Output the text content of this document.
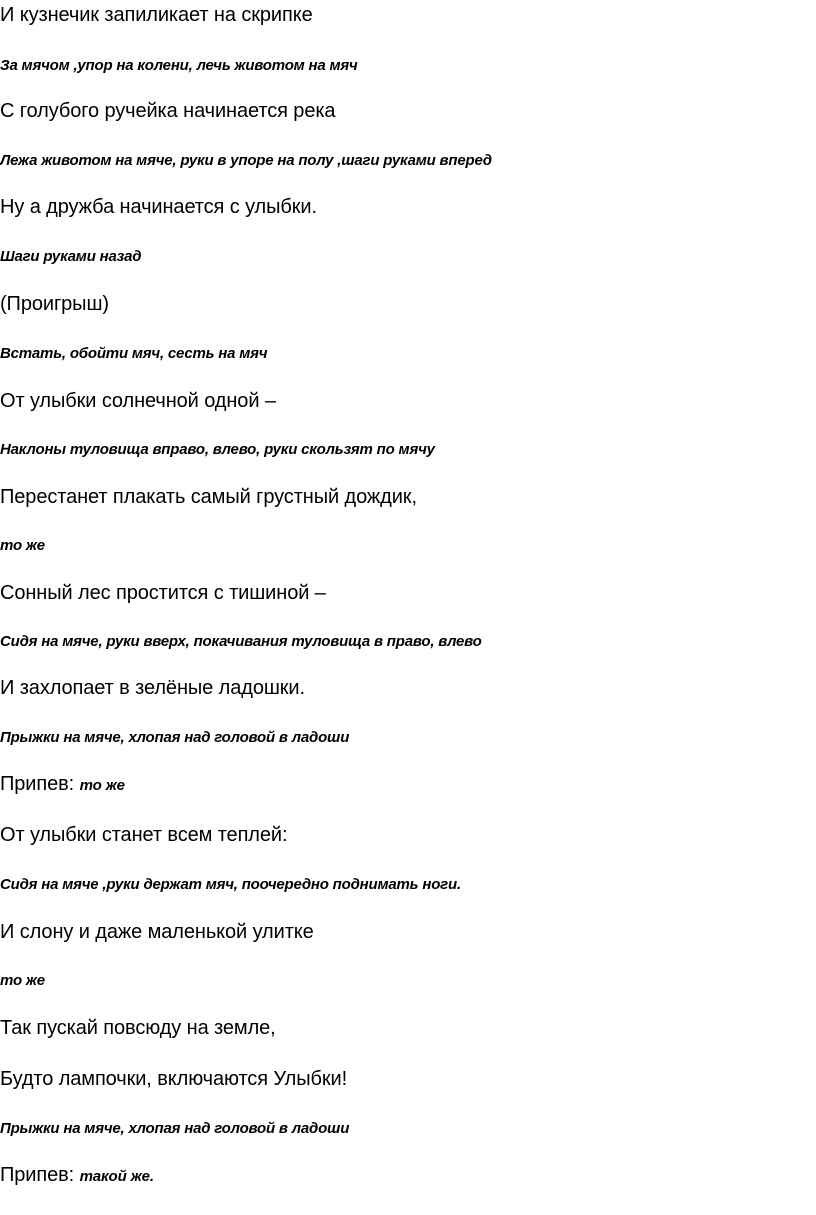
И кузнечик запиликает на скрипке

За мячом ,упор на колени, лечь животом на мяч

С голубого ручейка начинается река

Лежа животом на мяче, руки в упоре на полу ,шаги руками вперед

Ну а дружба начинается с улыбки.

Шаги руками назад

(Проигрыш)

Встать, обойти мяч, сесть на мяч

От улыбки солнечной одной –

Наклоны туловища вправо, влево, руки скользят по мячу

Перестанет плакать самый грустный дождик,

то же

Сонный лес простится с тишиной –

Сидя на мяче, руки вверх, покачивания туловища в право, влево

И захлопает в зелёные ладошки.

Прыжки на мяче, хлопая над головой в ладоши

Припев: то же

От улыбки станет всем теплей:

Сидя на мяче ,руки держат мяч, поочередно поднимать ноги.

И слону и даже маленькой улитке

то же

Так пускай повсюду на земле,

Будто лампочки, включаются Улыбки!

Прыжки на мяче, хлопая над головой в ладоши

Припев: такой же.
